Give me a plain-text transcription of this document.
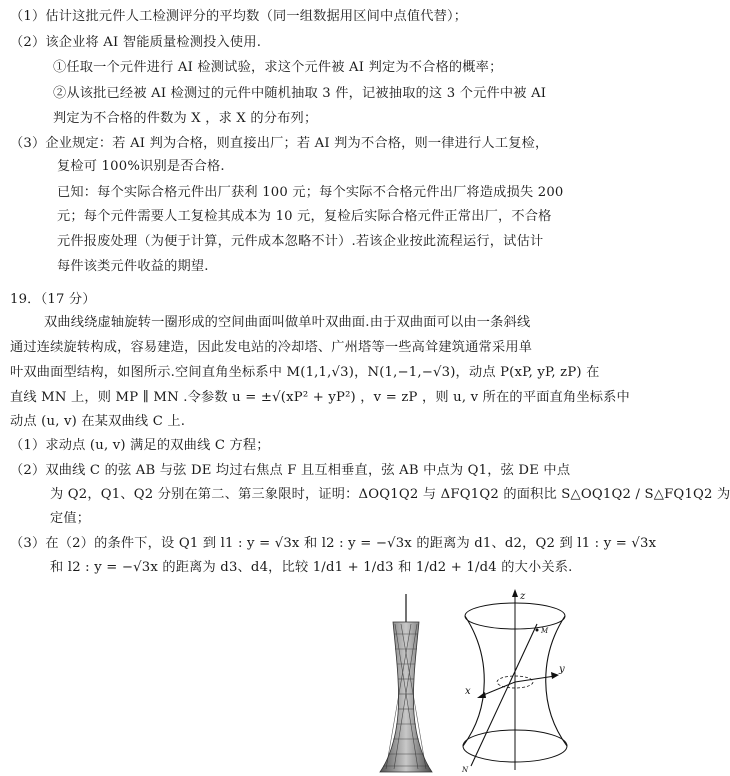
（1）估计这批元件人工检测评分的平均数（同一组数据用区间中点值代替）；
（2）该企业将 AI 智能质量检测投入使用.
①任取一个元件进行 AI 检测试验，求这个元件被 AI 判定为不合格的概率；
②从该批已经被 AI 检测过的元件中随机抽取 3 件，记被抽取的这 3 个元件中被 AI
判定为不合格的件数为 X ，求 X 的分布列；
（3）企业规定：若 AI 判为合格，则直接出厂；若 AI 判为不合格，则一律进行人工复检，
复检可 100%识别是否合格.
已知：每个实际合格元件出厂获利 100 元；每个实际不合格元件出厂将造成损失 200
元；每个元件需要人工复检其成本为 10 元，复检后实际合格元件正常出厂，不合格
元件报废处理（为便于计算，元件成本忽略不计）.若该企业按此流程运行，试估计
每件该类元件收益的期望.
19．（17 分）
双曲线绕虚轴旋转一圈形成的空间曲面叫做单叶双曲面.由于双曲面可以由一条斜线
通过连续旋转构成，容易建造，因此发电站的冷却塔、广州塔等一些高耸建筑通常采用单
叶双曲面型结构，如图所示.空间直角坐标系中 M(1,1,√3)，N(1,−1,−√3)，动点 P(xP, yP, zP) 在
直线 MN 上，则 MP ∥ MN .令参数 u = ±√(xP² + yP²) ，v = zP ，则 u, v 所在的平面直角坐标系中
动点 (u, v) 在某双曲线 C 上.
（1）求动点 (u, v) 满足的双曲线 C 方程；
（2）双曲线 C 的弦 AB 与弦 DE 均过右焦点 F 且互相垂直，弦 AB 中点为 Q1，弦 DE 中点
为 Q2，Q1、Q2 分别在第二、第三象限时，证明：ΔOQ1Q2 与 ΔFQ1Q2 的面积比 S△OQ1Q2 / S△FQ1Q2 为
定值；
（3）在（2）的条件下，设 Q1 到 l1 : y = √3x 和 l2 : y = −√3x 的距离为 d1、d2，Q2 到 l1 : y = √3x
和 l2 : y = −√3x 的距离为 d3、d4，比较 1/d1 + 1/d3 和 1/d2 + 1/d4 的大小关系.
z
y
x
M
N
